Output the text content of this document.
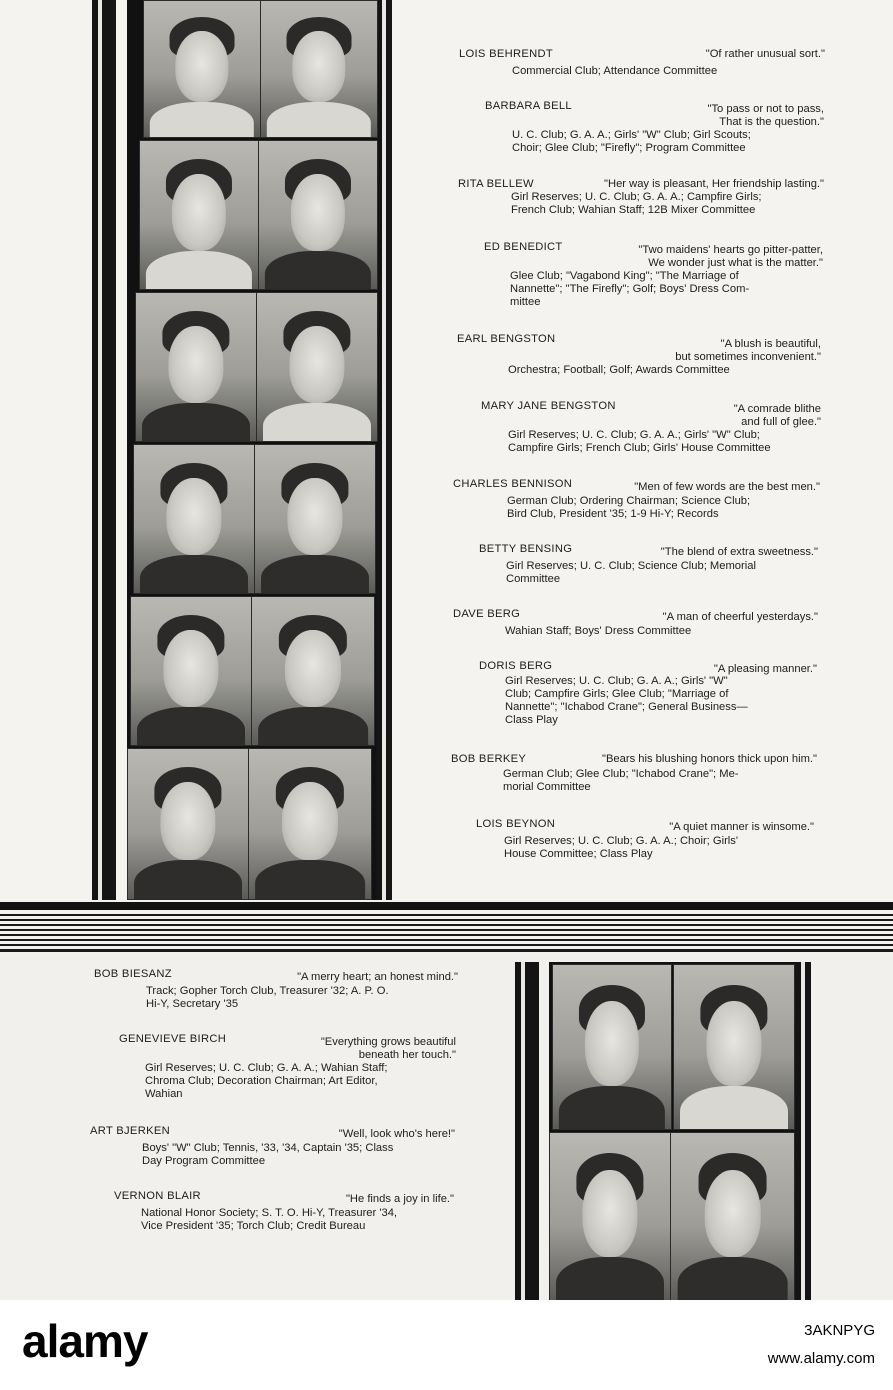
LOIS BEHRENDT	"Of rather unusual sort."
Commercial Club; Attendance Committee
BARBARA BELL	"To pass or not to pass,
That is the question."
U. C. Club; G. A. A.; Girls' "W" Club; Girl Scouts;
Choir; Glee Club; "Firefly"; Program Committee
RITA BELLEW	"Her way is pleasant, Her friendship lasting."
Girl Reserves; U. C. Club; G. A. A.; Campfire Girls;
French Club; Wahian Staff; 12B Mixer Committee
ED BENEDICT	"Two maidens' hearts go pitter-patter,
We wonder just what is the matter."
Glee Club; "Vagabond King"; "The Marriage of
Nannette"; "The Firefly"; Golf; Boys' Dress Com-
mittee
EARL BENGSTON	"A blush is beautiful,
but sometimes inconvenient."
Orchestra; Football; Golf; Awards Committee
MARY JANE BENGSTON	"A comrade blithe
and full of glee."
Girl Reserves; U. C. Club; G. A. A.; Girls' "W" Club;
Campfire Girls; French Club; Girls' House Committee
CHARLES BENNISON	"Men of few words are the best men."
German Club; Ordering Chairman; Science Club;
Bird Club, President '35; 1-9 Hi-Y; Records
BETTY BENSING	"The blend of extra sweetness."
Girl Reserves; U. C. Club; Science Club; Memorial
Committee
DAVE BERG	"A man of cheerful yesterdays."
Wahian Staff; Boys' Dress Committee
DORIS BERG	"A pleasing manner."
Girl Reserves; U. C. Club; G. A. A.; Girls' "W"
Club; Campfire Girls; Glee Club; "Marriage of
Nannette"; "Ichabod Crane"; General Business—
Class Play
BOB BERKEY	"Bears his blushing honors thick upon him."
German Club; Glee Club; "Ichabod Crane"; Me-
morial Committee
LOIS BEYNON	"A quiet manner is winsome."
Girl Reserves; U. C. Club; G. A. A.; Choir; Girls'
House Committee; Class Play
BOB BIESANZ	"A merry heart; an honest mind."
Track; Gopher Torch Club, Treasurer '32; A. P. O.
Hi-Y, Secretary '35
GENEVIEVE BIRCH	"Everything grows beautiful
beneath her touch."
Girl Reserves; U. C. Club; G. A. A.; Wahian Staff;
Chroma Club; Decoration Chairman; Art Editor,
Wahian
ART BJERKEN	"Well, look who's here!"
Boys' "W" Club; Tennis, '33, '34, Captain '35; Class
Day Program Committee
VERNON BLAIR	"He finds a joy in life."
National Honor Society; S. T. O. Hi-Y, Treasurer '34,
Vice President '35; Torch Club; Credit Bureau
alamy	3AKNPYG
www.alamy.com
